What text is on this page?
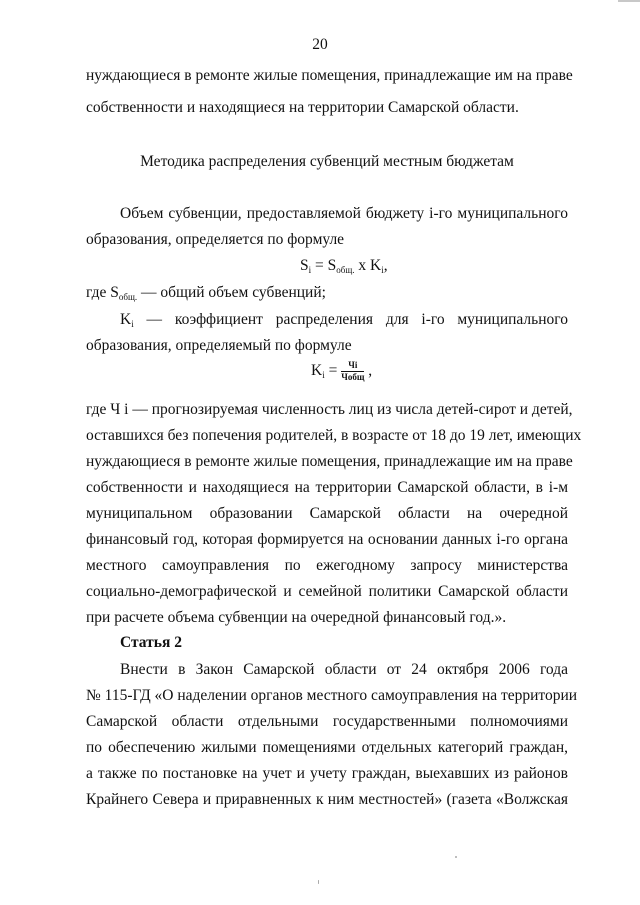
20
нуждающиеся в ремонте жилые помещения, принадлежащие им на праве
собственности и находящиеся на территории Самарской области.
Методика распределения субвенций местным бюджетам
Объем субвенции, предоставляемой бюджету i-го муниципального
образования, определяется по формуле
$S_i = S_{общ.}$ x $K_i$,
где $S_{общ.}$ — общий объем субвенций;
$K_i$ — коэффициент распределения для i-го муниципального
образования, определяемый по формуле
$K_i = \frac{Чi}{\text{Чобщ}}$ ,
где Ч i — прогнозируемая численность лиц из числа детей-сирот и детей,
оставшихся без попечения родителей, в возрасте от 18 до 19 лет, имеющих
нуждающиеся в ремонте жилые помещения, принадлежащие им на праве
собственности и находящиеся на территории Самарской области, в i-м
муниципальном образовании Самарской области на очередной
финансовый год, которая формируется на основании данных i-го органа
местного самоуправления по ежегодному запросу министерства
социально-демографической и семейной политики Самарской области
при расчете объема субвенции на очередной финансовый год.».
Статья 2
Внести в Закон Самарской области от 24 октября 2006 года
№ 115-ГД «О наделении органов местного самоуправления на территории
Самарской области отдельными государственными полномочиями
по обеспечению жилыми помещениями отдельных категорий граждан,
а также по постановке на учет и учету граждан, выехавших из районов
Крайнего Севера и приравненных к ним местностей» (газета «Волжская
